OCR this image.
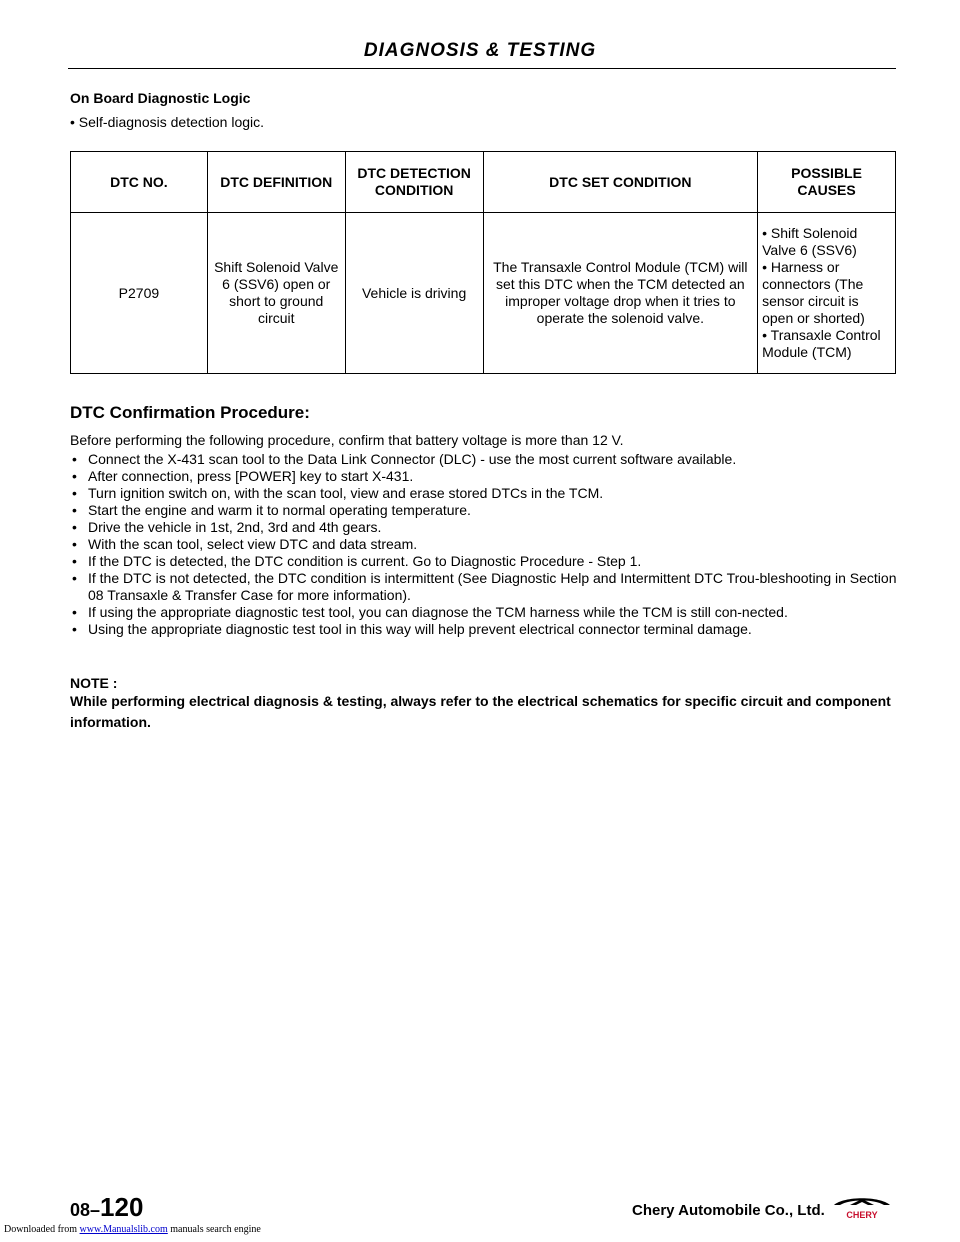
DIAGNOSIS & TESTING
On Board Diagnostic Logic
• Self-diagnosis detection logic.
DTC NO.	DTC DEFINITION	DTC DETECTION CONDITION	DTC SET CONDITION	POSSIBLE CAUSES
P2709	Shift Solenoid Valve 6 (SSV6) open or short to ground circuit	Vehicle is driving	The Transaxle Control Module (TCM) will set this DTC when the TCM detected an improper voltage drop when it tries to operate the solenoid valve.	• Shift Solenoid Valve 6 (SSV6)
• Harness or connectors (The sensor circuit is open or shorted)
• Transaxle Control Module (TCM)
DTC Confirmation Procedure:
Before performing the following procedure, confirm that battery voltage is more than 12 V.
• Connect the X-431 scan tool to the Data Link Connector (DLC) - use the most current software available.
• After connection, press [POWER] key to start X-431.
• Turn ignition switch on, with the scan tool, view and erase stored DTCs in the TCM.
• Start the engine and warm it to normal operating temperature.
• Drive the vehicle in 1st, 2nd, 3rd and 4th gears.
• With the scan tool, select view DTC and data stream.
• If the DTC is detected, the DTC condition is current. Go to Diagnostic Procedure - Step 1.
• If the DTC is not detected, the DTC condition is intermittent (See Diagnostic Help and Intermittent DTC Trou-bleshooting in Section 08 Transaxle & Transfer Case for more information).
• If using the appropriate diagnostic test tool, you can diagnose the TCM harness while the TCM is still con-nected.
• Using the appropriate diagnostic test tool in this way will help prevent electrical connector terminal damage.
NOTE :
While performing electrical diagnosis & testing, always refer to the electrical schematics for specific circuit and component information.
08–120	Chery Automobile Co., Ltd. CHERY
Downloaded from www.Manualslib.com manuals search engine
